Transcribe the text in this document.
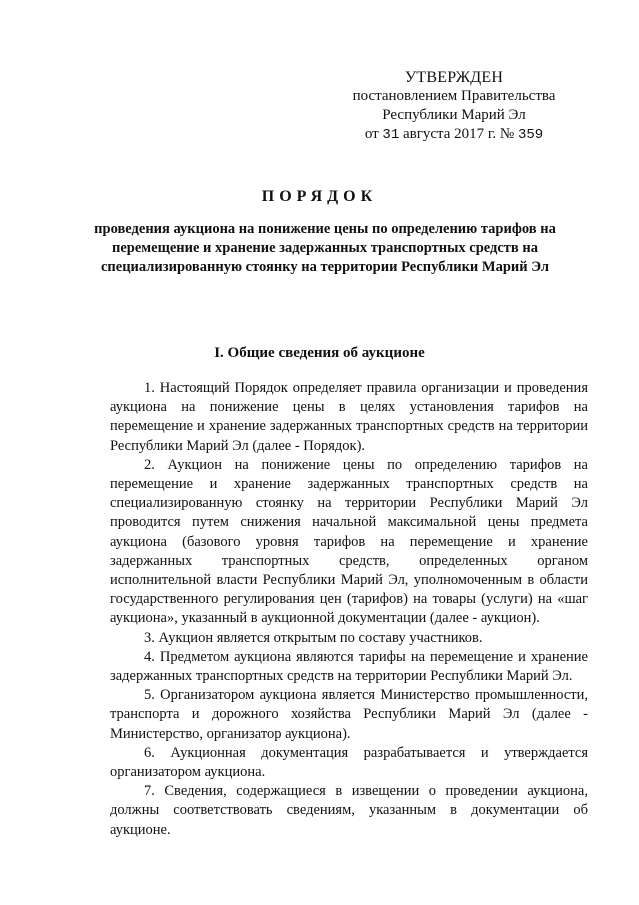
УТВЕРЖДЕН
постановлением Правительства
Республики Марий Эл
от 31 августа 2017 г. № 359
ПОРЯДОК
проведения аукциона на понижение цены по определению тарифов на перемещение и хранение задержанных транспортных средств на специализированную стоянку на территории Республики Марий Эл
I. Общие сведения об аукционе

1. Настоящий Порядок определяет правила организации и проведения аукциона на понижение цены в целях установления тарифов на перемещение и хранение задержанных транспортных средств на территории Республики Марий Эл (далее - Порядок).

2. Аукцион на понижение цены по определению тарифов на перемещение и хранение задержанных транспортных средств на специализированную стоянку на территории Республики Марий Эл проводится путем снижения начальной максимальной цены предмета аукциона (базового уровня тарифов на перемещение и хранение задержанных транспортных средств, определенных органом исполнительной власти Республики Марий Эл, уполномоченным в области государственного регулирования цен (тарифов) на товары (услуги) на «шаг аукциона», указанный в аукционной документации (далее - аукцион).

3. Аукцион является открытым по составу участников.

4. Предметом аукциона являются тарифы на перемещение и хранение задержанных транспортных средств на территории Республики Марий Эл.

5. Организатором аукциона является Министерство промышленности, транспорта и дорожного хозяйства Республики Марий Эл (далее - Министерство, организатор аукциона).

6. Аукционная документация разрабатывается и утверждается организатором аукциона.

7. Сведения, содержащиеся в извещении о проведении аукциона, должны соответствовать сведениям, указанным в документации об аукционе.
